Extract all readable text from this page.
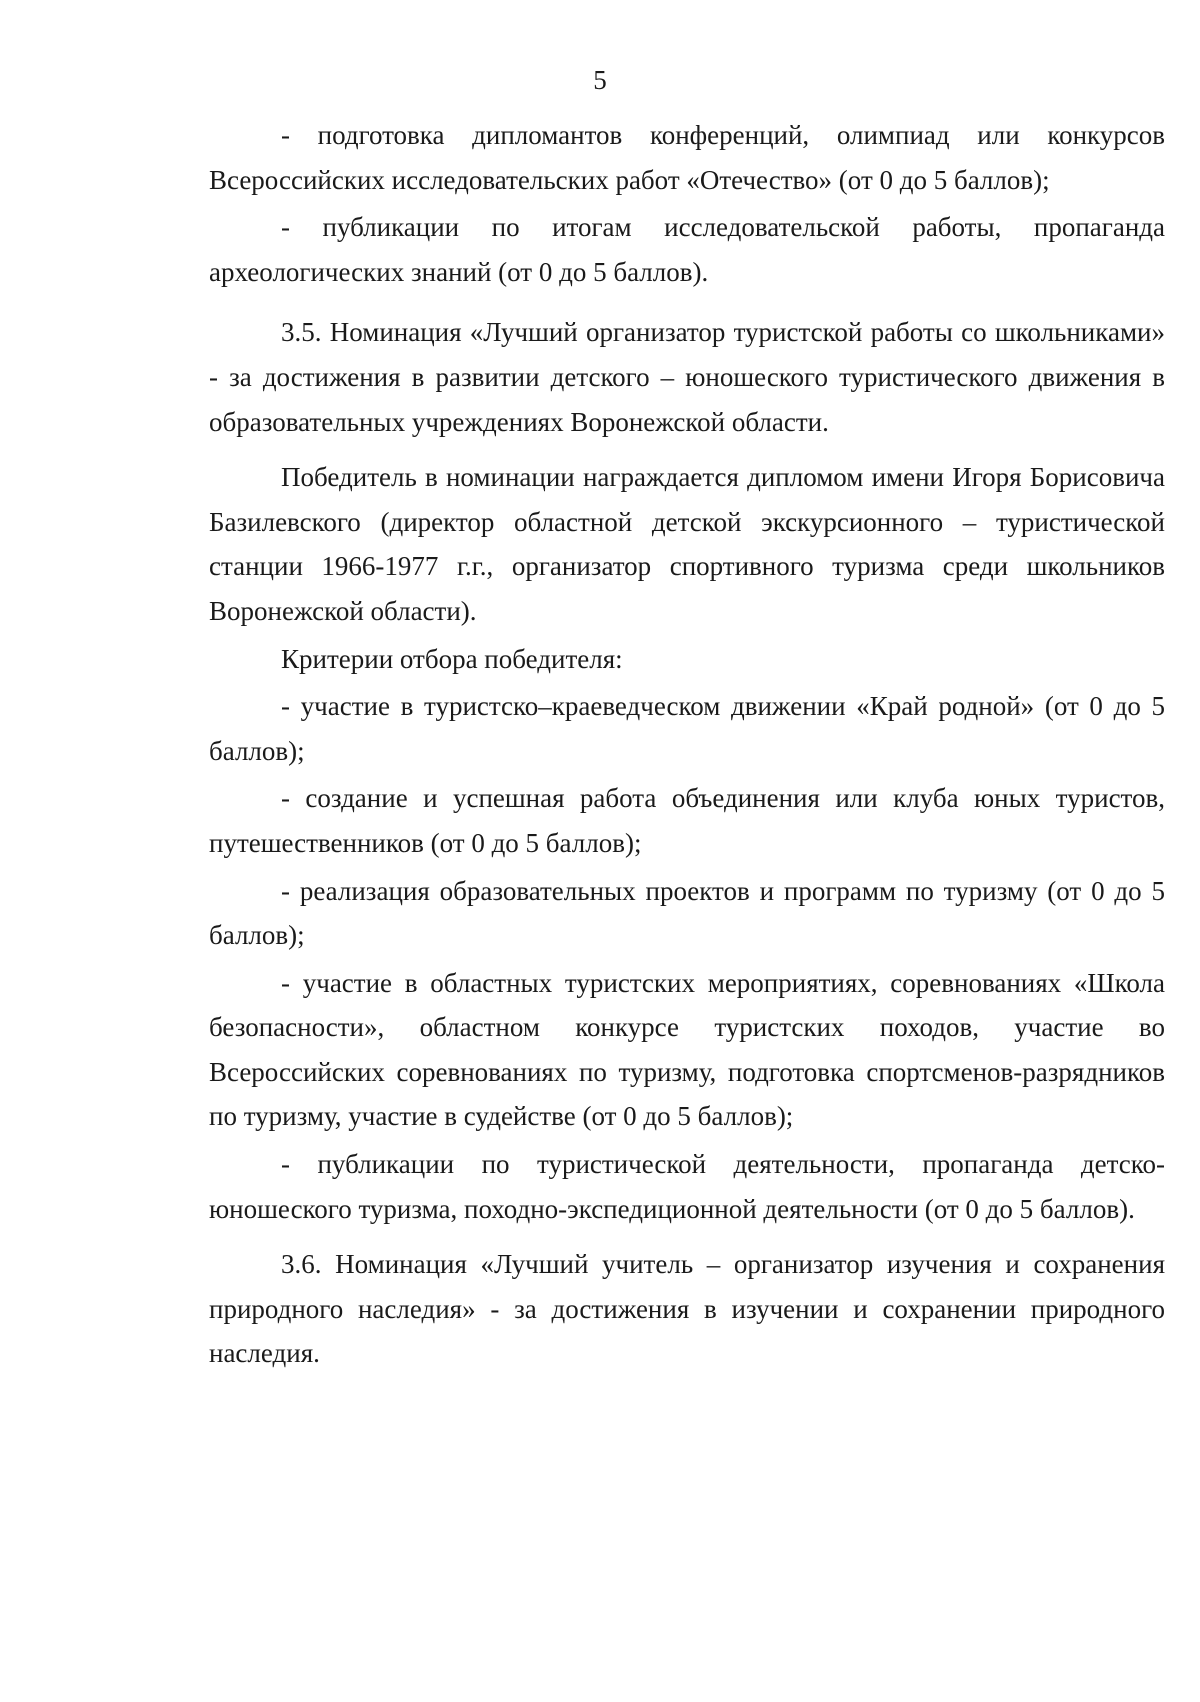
5

- подготовка дипломантов конференций, олимпиад или конкурсов Всероссийских исследовательских работ «Отечество» (от 0 до 5 баллов);

- публикации по итогам исследовательской работы, пропаганда археологических знаний (от 0 до 5 баллов).

3.5. Номинация «Лучший организатор туристской работы со школьниками» - за достижения в развитии детского – юношеского туристического движения в образовательных учреждениях Воронежской области.

Победитель в номинации награждается дипломом имени Игоря Борисовича Базилевского (директор областной детской экскурсионного – туристической станции 1966-1977 г.г., организатор спортивного туризма среди школьников Воронежской области).

Критерии отбора победителя:

- участие в туристско–краеведческом движении «Край родной» (от 0 до 5 баллов);

- создание и успешная работа объединения или клуба юных туристов, путешественников (от 0 до 5 баллов);

- реализация образовательных проектов и программ по туризму (от 0 до 5 баллов);

- участие в областных туристских мероприятиях, соревнованиях «Школа безопасности», областном конкурсе туристских походов, участие во Всероссийских соревнованиях по туризму, подготовка спортсменов-разрядников по туризму, участие в судействе (от 0 до 5 баллов);

- публикации по туристической деятельности, пропаганда детско-юношеского туризма, походно-экспедиционной деятельности (от 0 до 5 баллов).

3.6. Номинация «Лучший учитель – организатор изучения и сохранения природного наследия» - за достижения в изучении и сохранении природного наследия.
